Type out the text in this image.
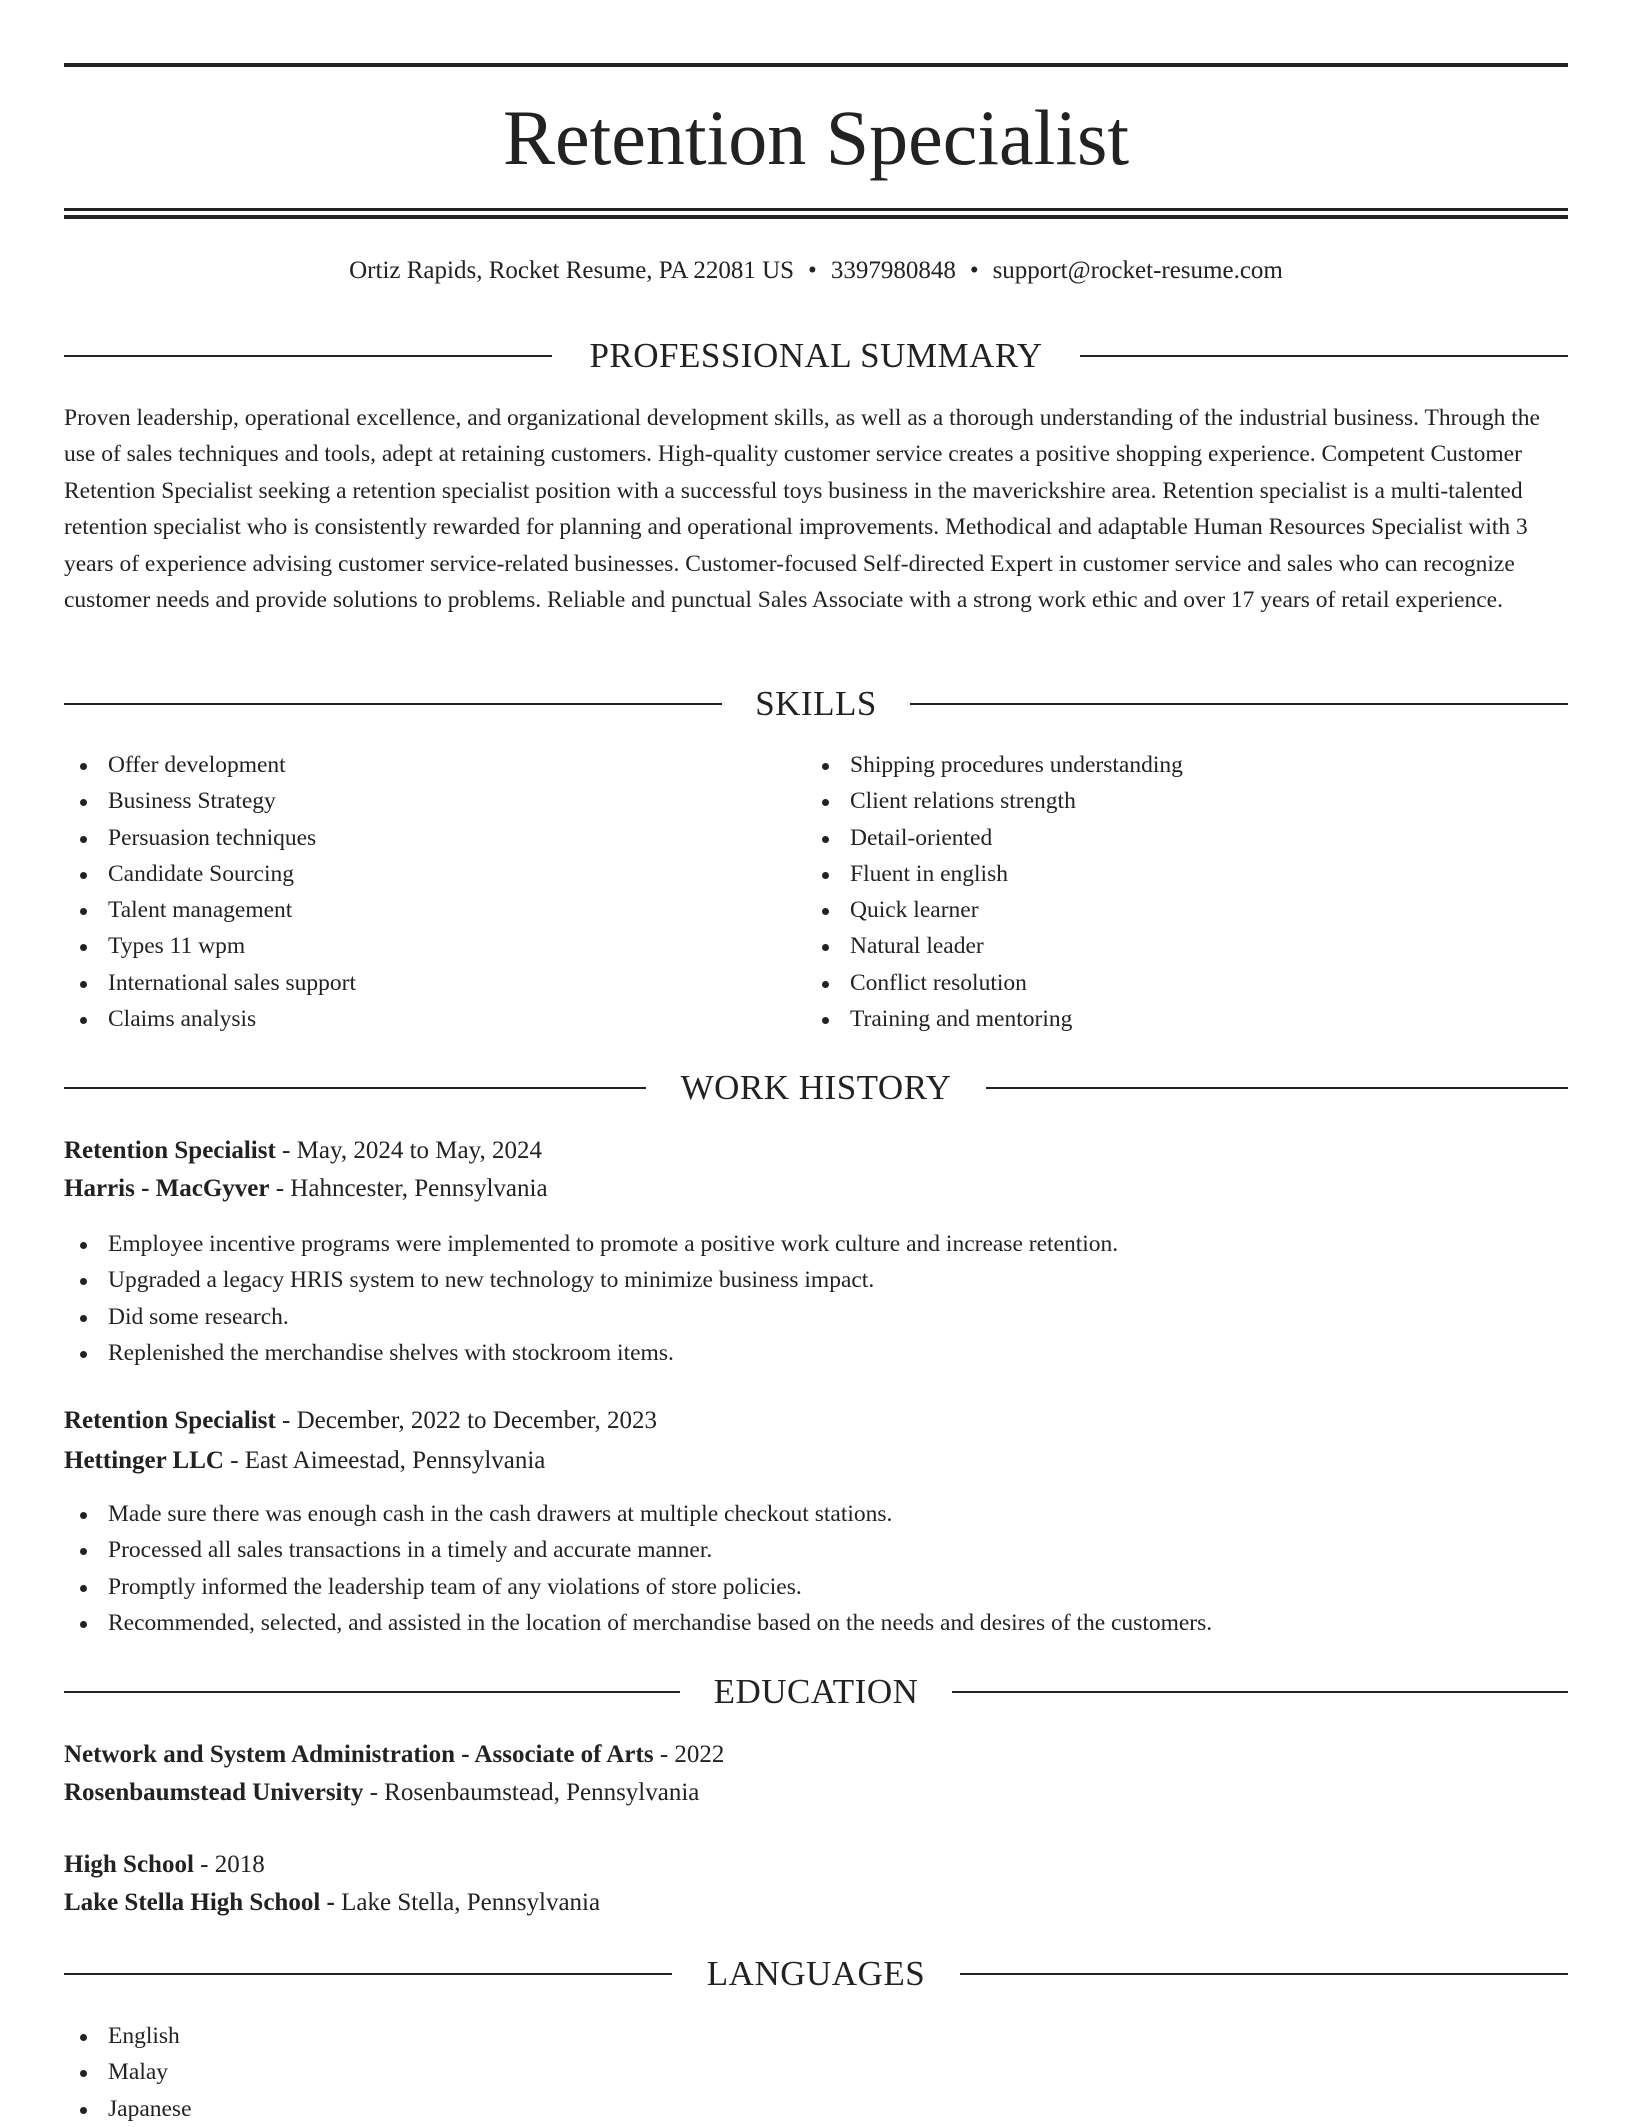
Retention Specialist
Ortiz Rapids, Rocket Resume, PA 22081 US • 3397980848 • support@rocket-resume.com
PROFESSIONAL SUMMARY

Proven leadership, operational excellence, and organizational development skills, as well as a thorough understanding of the industrial business. Through the use of sales techniques and tools, adept at retaining customers. High-quality customer service creates a positive shopping experience. Competent Customer Retention Specialist seeking a retention specialist position with a successful toys business in the maverickshire area. Retention specialist is a multi-talented retention specialist who is consistently rewarded for planning and operational improvements. Methodical and adaptable Human Resources Specialist with 3 years of experience advising customer service-related businesses. Customer-focused Self-directed Expert in customer service and sales who can recognize customer needs and provide solutions to problems. Reliable and punctual Sales Associate with a strong work ethic and over 17 years of retail experience.

SKILLS
Offer development
Business Strategy
Persuasion techniques
Candidate Sourcing
Talent management
Types 11 wpm
International sales support
Claims analysis
Shipping procedures understanding
Client relations strength
Detail-oriented
Fluent in english
Quick learner
Natural leader
Conflict resolution
Training and mentoring
WORK HISTORY
Retention Specialist - May, 2024 to May, 2024
Harris - MacGyver - Hahncester, Pennsylvania
Employee incentive programs were implemented to promote a positive work culture and increase retention.
Upgraded a legacy HRIS system to new technology to minimize business impact.
Did some research.
Replenished the merchandise shelves with stockroom items.
Retention Specialist - December, 2022 to December, 2023
Hettinger LLC - East Aimeestad, Pennsylvania
Made sure there was enough cash in the cash drawers at multiple checkout stations.
Processed all sales transactions in a timely and accurate manner.
Promptly informed the leadership team of any violations of store policies.
Recommended, selected, and assisted in the location of merchandise based on the needs and desires of the customers.
EDUCATION
Network and System Administration - Associate of Arts - 2022
Rosenbaumstead University - Rosenbaumstead, Pennsylvania
High School - 2018
Lake Stella High School - Lake Stella, Pennsylvania
LANGUAGES
English
Malay
Japanese
